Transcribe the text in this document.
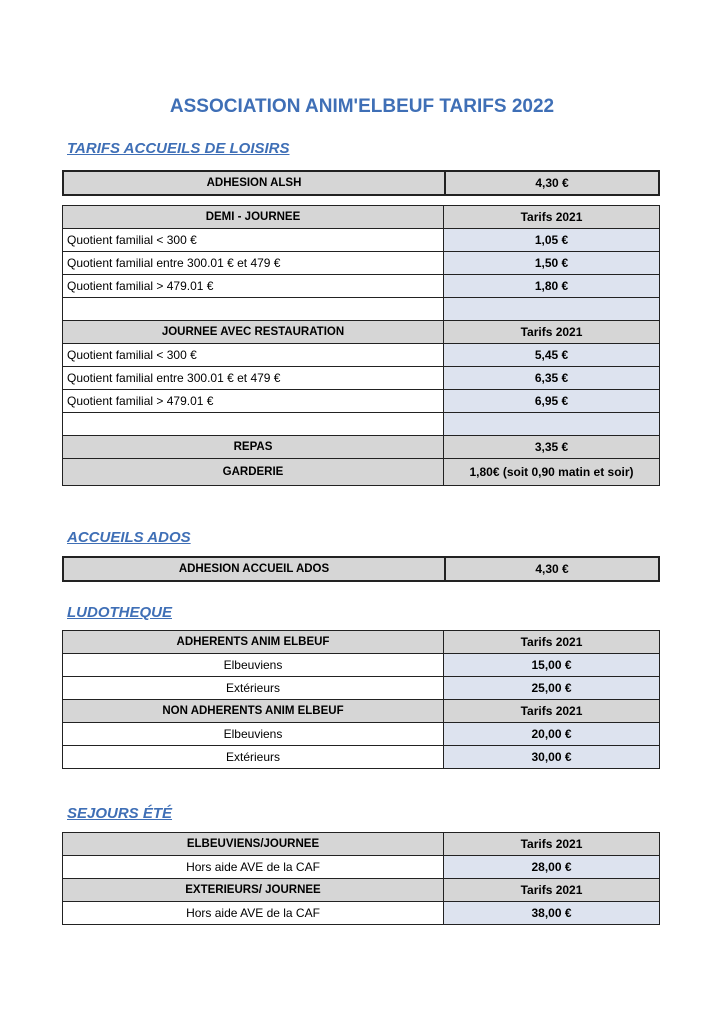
ASSOCIATION ANIM'ELBEUF TARIFS 2022
TARIFS ACCUEILS DE LOISIRS
ADHESION ALSH	4,30 €
DEMI - JOURNEE	Tarifs 2021
Quotient familial < 300 €	1,05 €
Quotient familial entre 300.01 € et 479 €	1,50 €
Quotient familial > 479.01 €	1,80 €

JOURNEE AVEC RESTAURATION	Tarifs 2021
Quotient familial < 300 €	5,45 €
Quotient familial entre 300.01 € et 479 €	6,35 €
Quotient familial > 479.01 €	6,95 €

REPAS	3,35 €
GARDERIE	1,80€ (soit 0,90 matin et soir)
ACCUEILS ADOS
ADHESION ACCUEIL ADOS	4,30 €
LUDOTHEQUE
ADHERENTS ANIM ELBEUF	Tarifs 2021
Elbeuviens	15,00 €
Extérieurs	25,00 €
NON ADHERENTS ANIM ELBEUF	Tarifs 2021
Elbeuviens	20,00 €
Extérieurs	30,00 €
SEJOURS ÉTÉ
ELBEUVIENS/JOURNEE	Tarifs 2021
Hors aide AVE de la CAF	28,00 €
EXTERIEURS/ JOURNEE	Tarifs 2021
Hors aide AVE de la CAF	38,00 €
